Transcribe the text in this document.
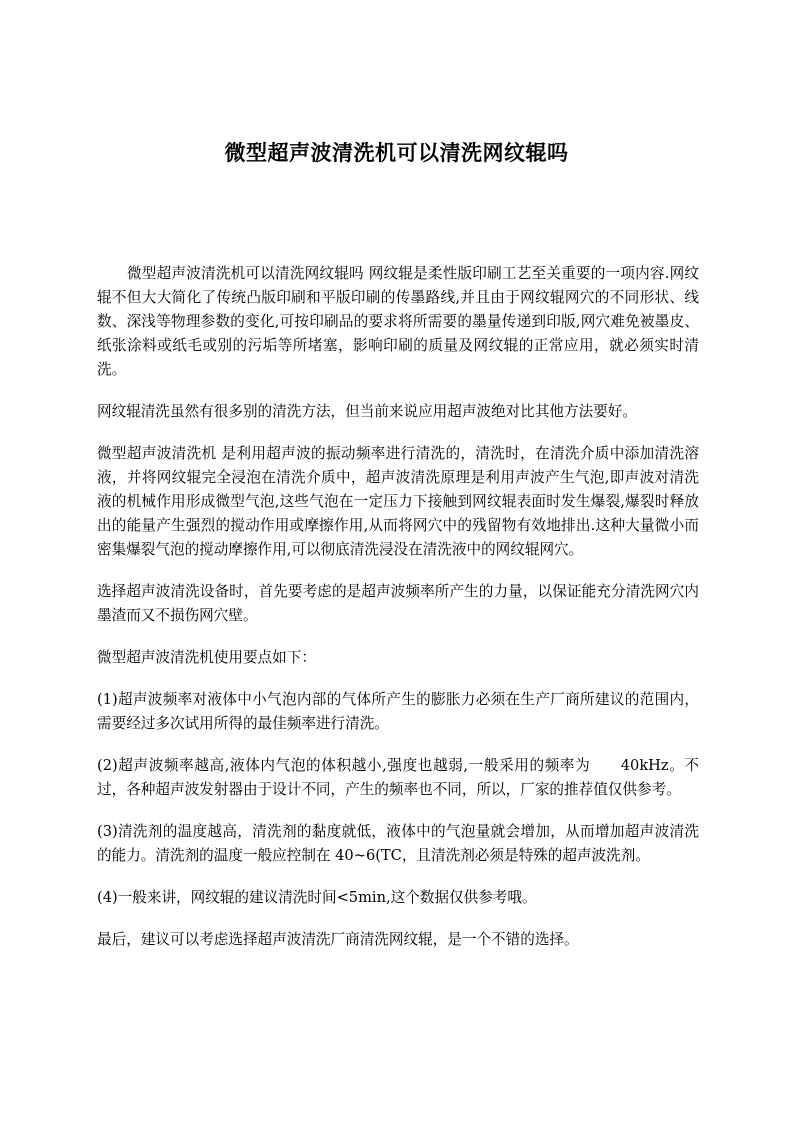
微型超声波清洗机可以清洗网纹辊吗

微型超声波清洗机可以清洗网纹辊吗 网纹辊是柔性版印刷工艺至关重要的一项内容.网纹辊不但大大简化了传统凸版印刷和平版印刷的传墨路线,并且由于网纹辊网穴的不同形状、线数、深浅等物理参数的变化,可按印刷品的要求将所需要的墨量传递到印版,网穴难免被墨皮、纸张涂料或纸毛或别的污垢等所堵塞，影响印刷的质量及网纹辊的正常应用，就必须实时清洗。

网纹辊清洗虽然有很多别的清洗方法，但当前来说应用超声波绝对比其他方法要好。

微型超声波清洗机 是利用超声波的振动频率进行清洗的，清洗时，在清洗介质中添加清洗溶液，并将网纹辊完全浸泡在清洗介质中，超声波清洗原理是利用声波产生气泡,即声波对清洗液的机械作用形成微型气泡,这些气泡在一定压力下接触到网纹辊表面时发生爆裂,爆裂时释放出的能量产生强烈的搅动作用或摩擦作用,从而将网穴中的残留物有效地排出.这种大量微小而密集爆裂气泡的搅动摩擦作用,可以彻底清洗浸没在清洗液中的网纹辊网穴。

选择超声波清洗设备时，首先要考虑的是超声波频率所产生的力量，以保证能充分清洗网穴内墨渣而又不损伤网穴壁。

微型超声波清洗机使用要点如下：

(1)超声波频率对液体中小气泡内部的气体所产生的膨胀力必须在生产厂商所建议的范围内，需要经过多次试用所得的最佳频率进行清洗。

(2)超声波频率越高,液体内气泡的体积越小,强度也越弱,一般采用的频率为　　40kHz。不过，各种超声波发射器由于设计不同，产生的频率也不同，所以，厂家的推荐值仅供参考。

(3)清洗剂的温度越高，清洗剂的黏度就低，液体中的气泡量就会增加，从而增加超声波清洗的能力。清洗剂的温度一般应控制在 40~6(TC，且清洗剂必须是特殊的超声波洗剂。

(4)一般来讲，网纹辊的建议清洗时间<5min,这个数据仅供参考哦。

最后，建议可以考虑选择超声波清洗厂商清洗网纹辊，是一个不错的选择。
